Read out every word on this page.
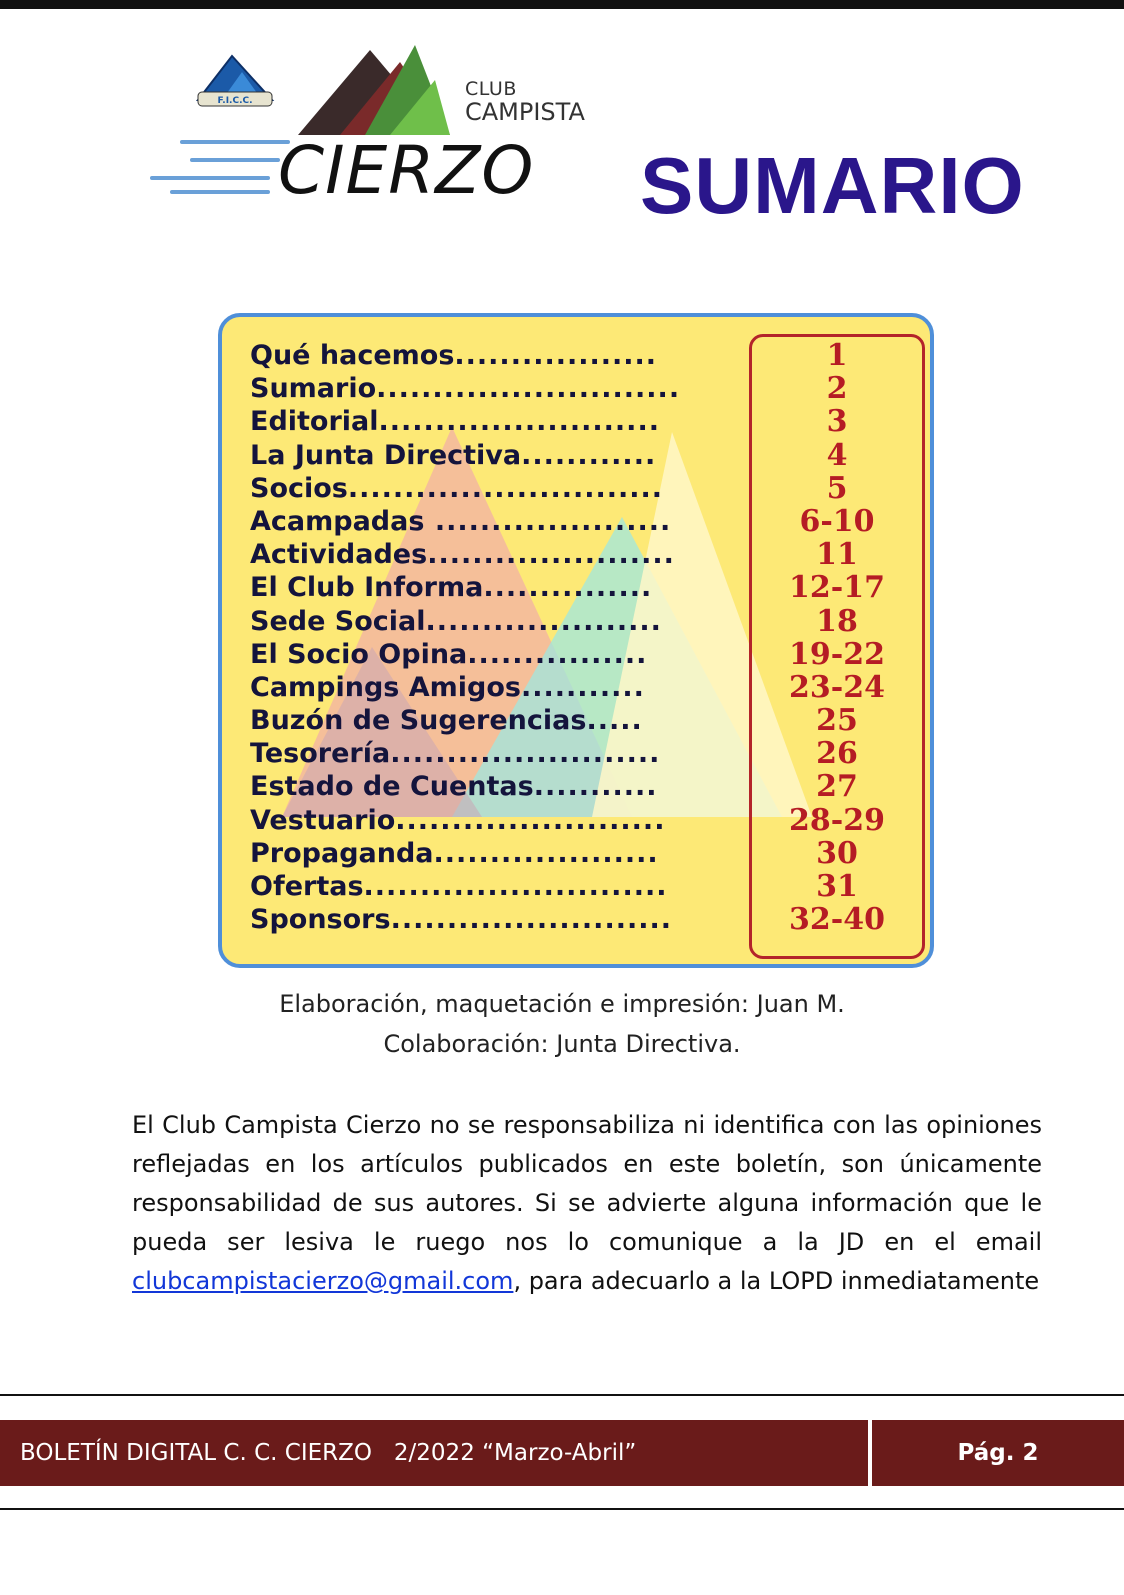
F.I.C.C.
CLUB
CAMPISTA
CIERZO SUMARIO
Qué hacemos..................
Sumario...........................
Editorial.........................
La Junta Directiva............
Socios............................
Acampadas .....................
Actividades......................
El Club Informa...............
Sede Social.....................
El Socio Opina................
Campings Amigos...........
Buzón de Sugerencias.....
Tesorería........................
Estado de Cuentas...........
Vestuario........................
Propaganda....................
Ofertas...........................
Sponsors.........................
1
2
3
4
5
6-10
11
12-17
18
19-22
23-24
25
26
27
28-29
30
31
32-40
Elaboración, maquetación e impresión: Juan M.
Colaboración: Junta Directiva.
El Club Campista Cierzo no se responsabiliza ni identifica con las opiniones reflejadas en los artículos publicados en este boletín, son únicamente responsabilidad de sus autores. Si se advierte alguna información que le pueda ser lesiva le ruego nos lo comunique a la JD en el email clubcampistacierzo@gmail.com, para adecuarlo a la LOPD inmediatamente
BOLETÍN DIGITAL C. C. CIERZO   2/2022 “Marzo-Abril”	Pág. 2
